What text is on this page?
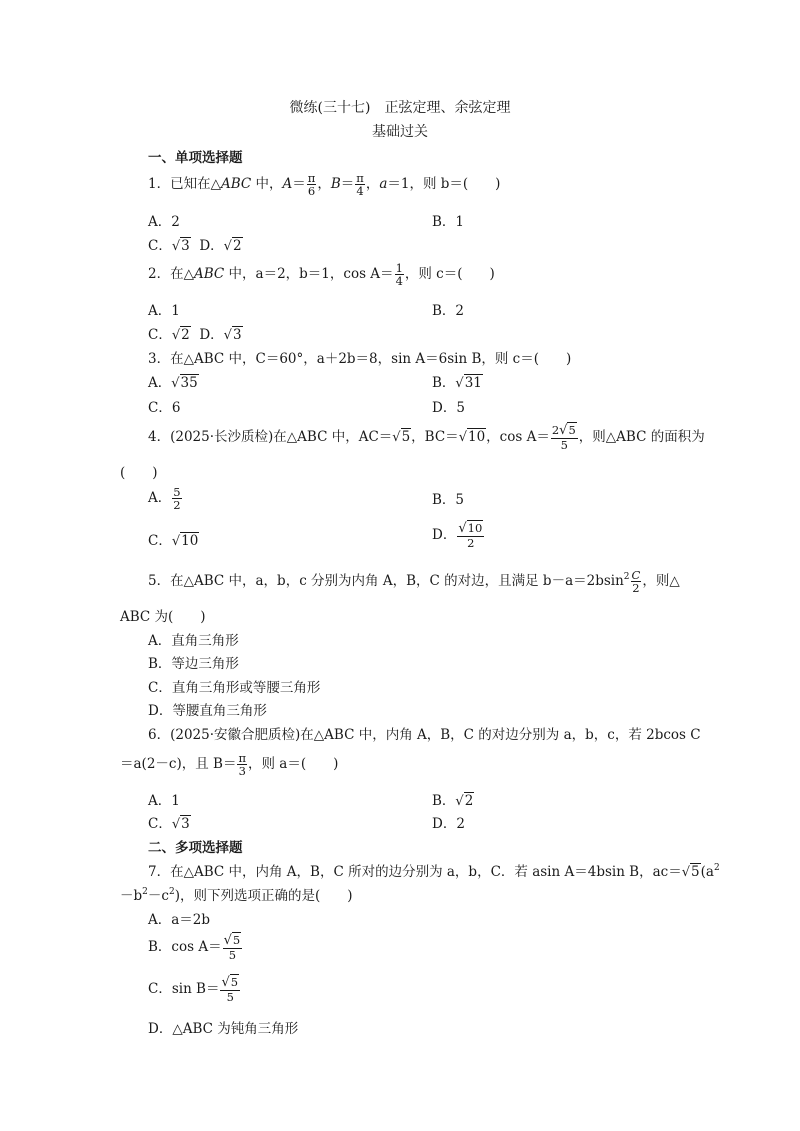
微练(三十七)　正弦定理、余弦定理
基础过关
一、单项选择题
1．已知在△ABC 中，$A= \frac{\pi}{6}$ ，$B= \frac{\pi}{4}$ ，a＝1，则 b＝(　　)
A．2	B．1
C．√3 D．√2
2．在△ABC 中，a＝2，b＝1，$\cos A= \frac{1}{4}$ ，则 c＝(　　)
A．1	B．2
C．√2 D．√3
3．在△ABC 中，C＝60°，a＋2b＝8，sin A＝6sin B，则 c＝(　　)
A．√35	B．√31
C．6	D．5
4．(2025·长沙质检)在△ABC 中，AC＝√5，BC＝√10，$\cos A= \frac{2√5}{5}$ ，则△ABC 的面积为
(　　)
A． $\frac{5}{2}$	B．5
C．√10	D． $\frac{√10}{2}$
5．在△ABC 中，a，b，c 分别为内角 A，B，C 的对边，且满足 $b-a=2bsin^2 \frac{C}{2}$ ，则△
ABC 为(　　)
A．直角三角形
B．等边三角形
C．直角三角形或等腰三角形
D．等腰直角三角形
6．(2025·安徽合肥质检)在△ABC 中，内角 A，B，C 的对边分别为 a，b，c，若 2bcos C
＝a(2－c)，且 $B= \frac{\pi}{3}$ ，则 a＝(　　)
A．1	B．√2
C．√3	D．2
二、多项选择题
7．在△ABC 中，内角 A，B，C 所对的边分别为 a，b，C．若 asin A＝4bsin B，$ac=√5(a^2$
$-b^2-c^2$)，则下列选项正确的是(　　)
A．a＝2b
B．$\cos A= \frac{√5}{5}$
C．$\sin B= \frac{√5}{5}$
D．△ABC 为钝角三角形
